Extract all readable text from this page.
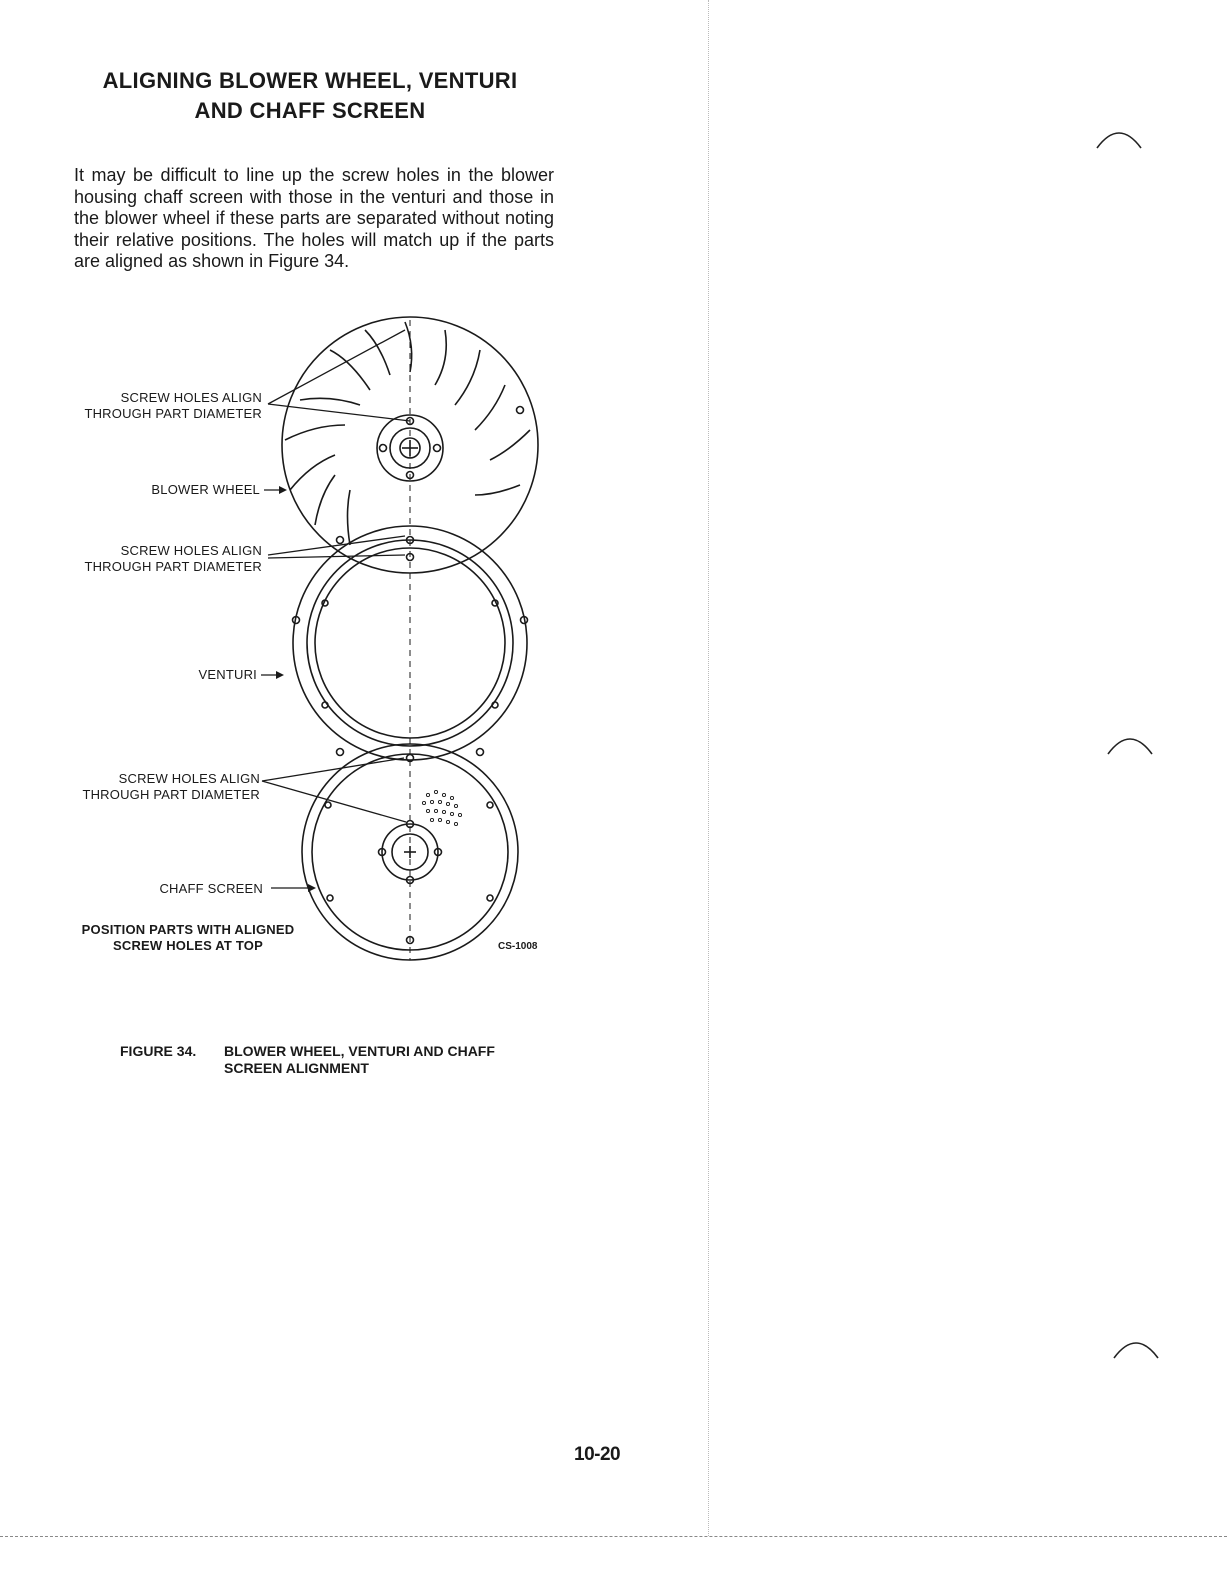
ALIGNING BLOWER WHEEL, VENTURI
AND CHAFF SCREEN

It may be difficult to line up the screw holes in the blower housing chaff screen with those in the venturi and those in the blower wheel if these parts are separated without noting their relative positions. The holes will match up if the parts are aligned as shown in Figure 34.

SCREW HOLES ALIGN
THROUGH PART DIAMETER
BLOWER WHEEL
SCREW HOLES ALIGN
THROUGH PART DIAMETER
VENTURI
SCREW HOLES ALIGN
THROUGH PART DIAMETER
CHAFF SCREEN
POSITION PARTS WITH ALIGNED
SCREW HOLES AT TOP	CS-1008
FIGURE 34. BLOWER WHEEL, VENTURI AND CHAFF
SCREEN ALIGNMENT
10-20
